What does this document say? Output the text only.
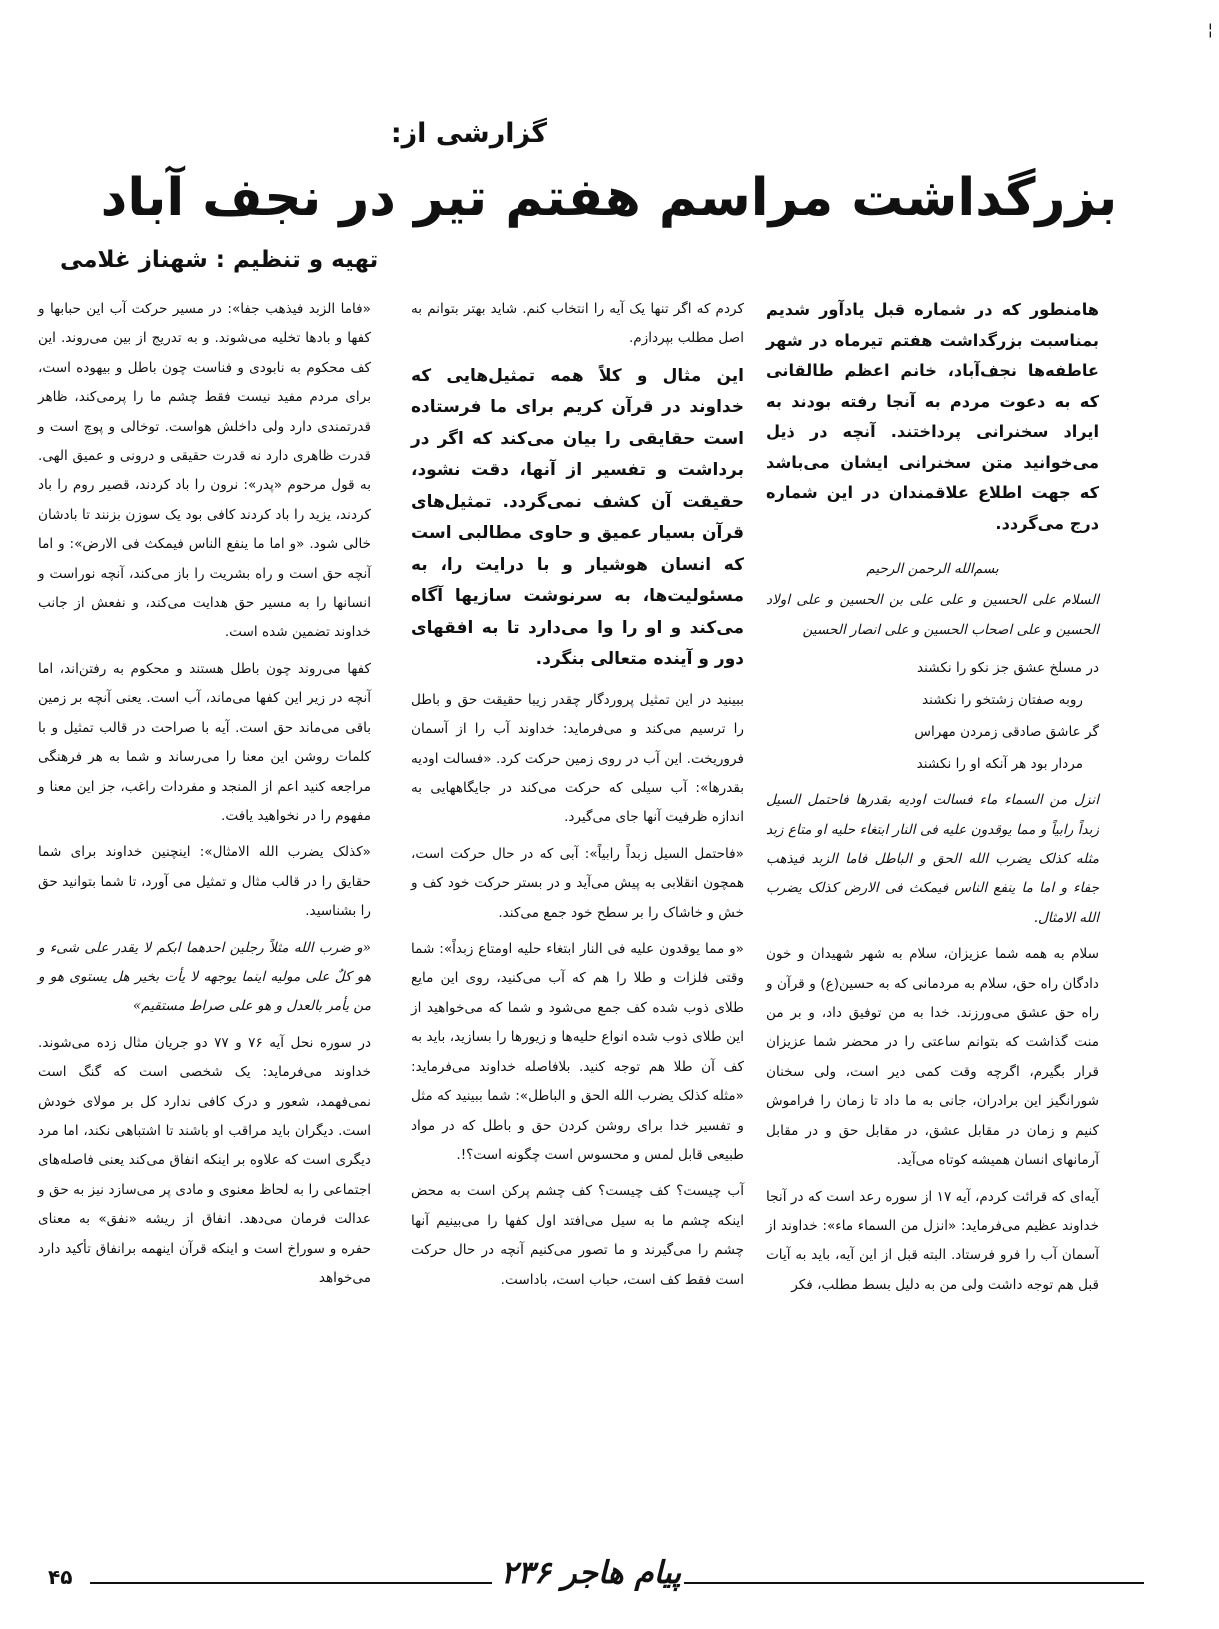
گزارشی از:
بزرگداشت مراسم هفتم تیر در نجف آباد
تهیه و تنظیم:شهناز غلامی

هامنطور که در شماره قبل یادآور شدیم بمناسبت بزرگداشت هفتم تیرماه در شهر عاطفه‌ها نجف‌آباد، خانم اعظم طالقانی که به دعوت مردم به آنجا رفته بودند به ایراد سخنرانی پرداختند. آنچه در ذیل می‌خوانید متن سخنرانی ایشان می‌باشد که جهت اطلاع علاقمندان در این شماره درج می‌گردد.

بسم‌الله الرحمن الرحیم

السلام علی الحسین و علی علی بن الحسین و علی اولاد الحسین و علی اصحاب الحسین و علی انصار الحسین

در مسلخ عشق جز نکو را نکشند
روبه صفتان زشتخو را نکشند
گر عاشق صادقی زمردن مهراس
مردار بود هر آنکه او را نکشند

انزل من السماء ماء فسالت اودیه بقدرها فاحتمل السیل زبداً رابیاً و مما یوقدون علیه فی النار ابتغاء حلیه او متاع زبد مثله کذلک یضرب الله الحق و الباطل فاما الزبد فیذهب جفاء و اما ما ینفع الناس فیمکث فی الارض کذلک یضرب الله الامثال.

سلام به همه شما عزیزان، سلام به شهر شهیدان و خون دادگان راه حق، سلام به مردمانی که به حسین(ع) و قرآن و راه حق عشق می‌ورزند. خدا به من توفیق داد، و بر من منت گذاشت که بتوانم ساعتی را در محضر شما عزیزان قرار بگیرم، اگرچه وقت کمی دیر است، ولی سخنان شورانگیز این برادران، جانی به ما داد تا زمان را فراموش کنیم و زمان در مقابل عشق، در مقابل حق و در مقابل آرمانهای انسان همیشه کوتاه می‌آید.

آیه‌ای که قرائت کردم، آیه ۱۷ از سوره رعد است که در آنجا خداوند عظیم می‌فرماید: «انزل من السماء ماء»: خداوند از آسمان آب را فرو فرستاد. البته قبل از این آیه، باید به آیات قبل هم توجه داشت ولی من به دلیل بسط مطلب، فکر

کردم که اگر تنها یک آیه را انتخاب کنم. شاید بهتر بتوانم به اصل مطلب بپردازم.

این مثال و کلاً همه تمثیل‌هایی که خداوند در قرآن کریم برای ما فرستاده است حقایقی را بیان می‌کند که اگر در برداشت و تفسیر از آنها، دقت نشود، حقیقت آن کشف نمی‌گردد. تمثیل‌های قرآن بسیار عمیق و حاوی مطالبی است که انسان هوشیار و با درایت را، به مسئولیت‌ها، به سرنوشت سازیها آگاه می‌کند و او را وا می‌دارد تا به افقهای دور و آینده متعالی بنگرد.

ببینید در این تمثیل پروردگار چقدر زیبا حقیقت حق و باطل را ترسیم می‌کند و می‌فرماید: خداوند آب را از آسمان فروریخت. این آب در روی زمین حرکت کرد. «فسالت اودیه بقدرها»: آب سیلی که حرکت می‌کند در جایگاههایی به اندازه ظرفیت آنها جای می‌گیرد.

«فاحتمل السیل زبداً رابیاً»: آبی که در حال حرکت است، همچون انقلابی به پیش می‌آید و در بستر حرکت خود کف و خش و خاشاک را بر سطح خود جمع می‌کند.

«و مما یوقدون علیه فی النار ابتغاء حلیه اومتاع زبداً»: شما وقتی فلزات و طلا را هم که آب می‌کنید، روی این مایع طلای ذوب شده کف جمع می‌شود و شما که می‌خواهید از این طلای ذوب شده انواع حلیه‌ها و زیورها را بسازید، باید به کف آن طلا هم توجه کنید. بلافاصله خداوند می‌فرماید: «مثله کذلک یضرب الله الحق و الباطل»: شما ببینید که مثل و تفسیر خدا برای روشن کردن حق و باطل که در مواد طبیعی قابل لمس و محسوس است چگونه است؟!.

آب چیست؟ کف چیست؟ کف چشم پرکن است به محض اینکه چشم ما به سیل می‌افتد اول کفها را می‌بینیم آنها چشم را می‌گیرند و ما تصور می‌کنیم آنچه در حال حرکت است فقط کف است، حباب است، باداست.

«فاما الزبد فیذهب جفا»: در مسیر حرکت آب این حبابها و کفها و بادها تخلیه می‌شوند. و به تدریج از بین می‌روند. این کف محکوم به نابودی و فناست چون باطل و بیهوده است، برای مردم مفید نیست فقط چشم ما را پرمی‌کند، ظاهر قدرتمندی دارد ولی داخلش هواست. توخالی و پوچ است و قدرت ظاهری دارد نه قدرت حقیقی و درونی و عمیق الهی. به قول مرحوم «پدر»: نرون را باد کردند، قصیر روم را باد کردند، یزید را باد کردند کافی بود یک سوزن بزنند تا بادشان خالی شود. «و اما ما ینفع الناس فیمکث فی الارض»: و اما آنچه حق است و راه بشریت را باز می‌کند، آنچه نوراست و انسانها را به مسیر حق هدایت می‌کند، و نفعش از جانب خداوند تضمین شده است.

کفها می‌روند چون باطل هستند و محکوم به رفتن‌اند، اما آنچه در زیر این کفها می‌ماند، آب است. یعنی آنچه بر زمین باقی می‌ماند حق است. آیه با صراحت در قالب تمثیل و با کلمات روشن این معنا را می‌رساند و شما به هر فرهنگی مراجعه کنید اعم از المنجد و مفردات راغب، جز این معنا و مفهوم را در نخواهید یافت.

«کذلک یضرب الله الامثال»: اینچنین خداوند برای شما حقایق را در قالب مثال و تمثیل می آورد، تا شما بتوانید حق را بشناسید.

«و ضرب الله مثلاً رجلین احدهما ابکم لا یقدر علی شیء و هو کلٌ علی مولیه اینما یوجهه لا یأت بخیر هل یستوی هو و من یأمر بالعدل و هو علی صراط مستقیم»

در سوره نحل آیه ۷۶ و ۷۷ دو جریان مثال زده می‌شوند. خداوند می‌فرماید: یک شخصی است که گنگ است نمی‌فهمد، شعور و درک کافی ندارد کل بر مولای خودش است. دیگران باید مراقب او باشند تا اشتباهی نکند، اما مرد دیگری است که علاوه بر اینکه انفاق می‌کند یعنی فاصله‌های اجتماعی را به لحاظ معنوی و مادی پر می‌سازد نیز به حق و عدالت فرمان می‌دهد. انفاق از ریشه «نفق» به معنای حفره و سوراخ است و اینکه قرآن اینهمه برانفاق تأکید دارد می‌خواهد

¦
۴۵	پیام هاجر ۲۳۶
